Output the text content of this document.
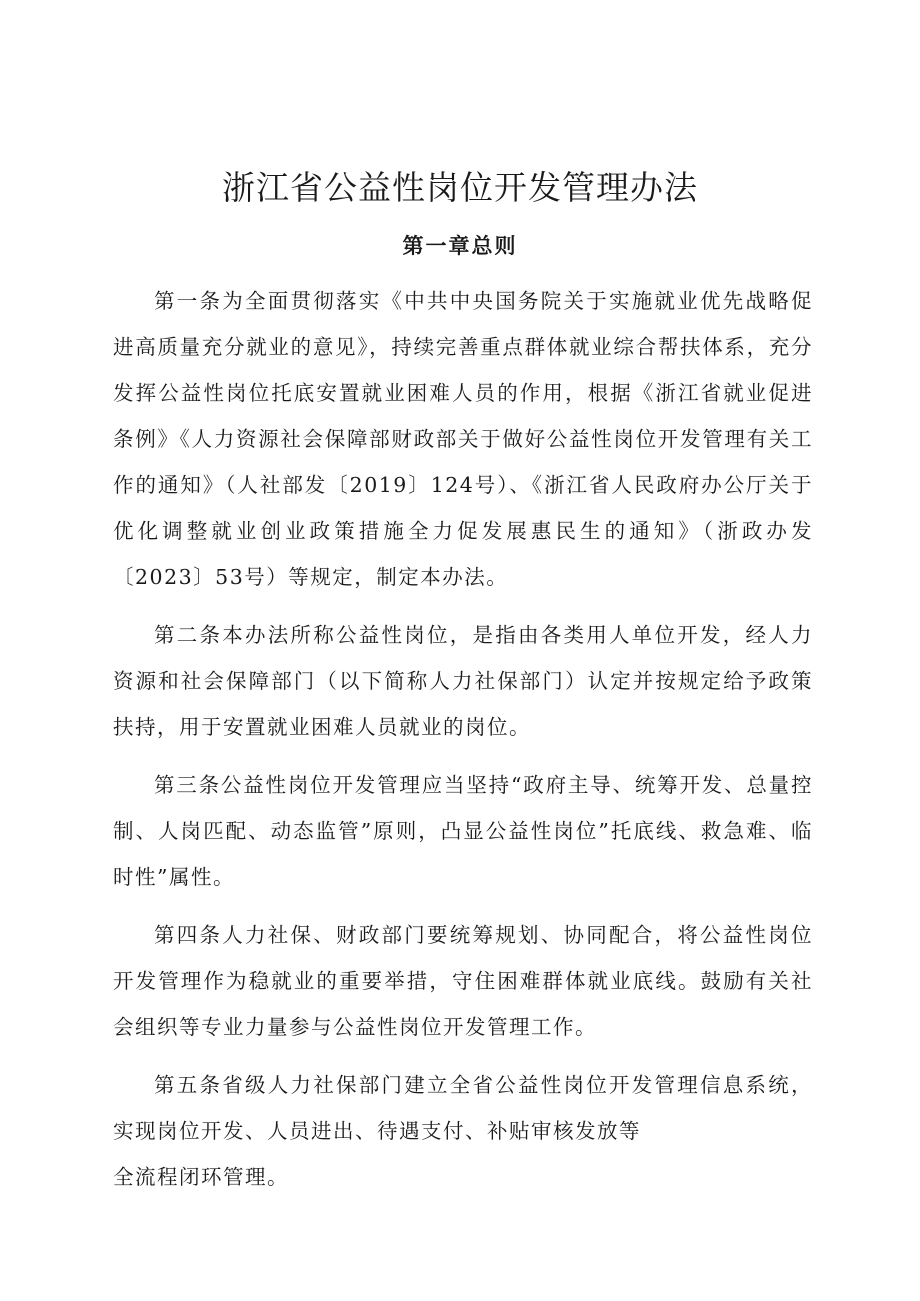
浙江省公益性岗位开发管理办法
第一章总则

第一条为全面贯彻落实《中共中央国务院关于实施就业优先战略促进高质量充分就业的意见》，持续完善重点群体就业综合帮扶体系，充分发挥公益性岗位托底安置就业困难人员的作用，根据《浙江省就业促进条例》《人力资源社会保障部财政部关于做好公益性岗位开发管理有关工作的通知》（人社部发〔2019〕124号）、《浙江省人民政府办公厅关于优化调整就业创业政策措施全力促发展惠民生的通知》（浙政办发〔2023〕53号）等规定，制定本办法。

第二条本办法所称公益性岗位，是指由各类用人单位开发，经人力资源和社会保障部门（以下简称人力社保部门）认定并按规定给予政策扶持，用于安置就业困难人员就业的岗位。

第三条公益性岗位开发管理应当坚持“政府主导、统筹开发、总量控制、人岗匹配、动态监管”原则，凸显公益性岗位”托底线、救急难、临时性”属性。

第四条人力社保、财政部门要统筹规划、协同配合，将公益性岗位开发管理作为稳就业的重要举措，守住困难群体就业底线。鼓励有关社会组织等专业力量参与公益性岗位开发管理工作。

第五条省级人力社保部门建立全省公益性岗位开发管理信息系统，实现岗位开发、人员进出、待遇支付、补贴审核发放等
全流程闭环管理。
